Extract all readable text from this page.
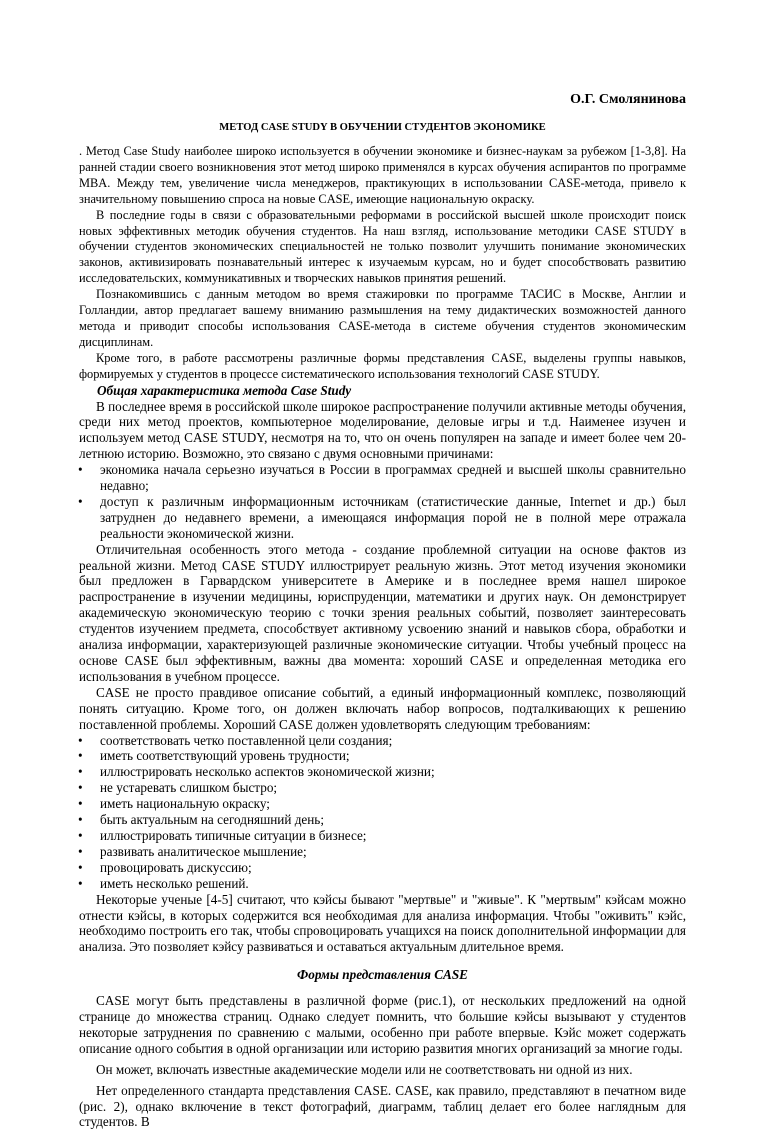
О.Г. Смолянинова

МЕТОД CASE STUDY В ОБУЧЕНИИ СТУДЕНТОВ ЭКОНОМИКЕ

. Метод Case Study наиболее широко используется в обучении экономике и бизнес-наукам за рубежом [1-3,8]. На ранней стадии своего возникновения этот метод широко применялся в курсах обучения аспирантов по программе MBA. Между тем, увеличение числа менеджеров, практикующих в использовании CASE-метода, привело к значительному повышению спроса на новые CASE, имеющие национальную окраску.

В последние годы в связи с образовательными реформами в российской высшей школе происходит поиск новых эффективных методик обучения студентов. На наш взгляд, использование методики CASE STUDY в обучении студентов экономических специальностей не только позволит улучшить понимание экономических законов, активизировать познавательный интерес к изучаемым курсам, но и будет способствовать развитию исследовательских, коммуникативных и творческих навыков принятия решений.

Познакомившись с данным методом во время стажировки по программе ТАСИС в Москве, Англии и Голландии, автор предлагает вашему вниманию размышления на тему дидактических возможностей данного метода и приводит способы использования CASE-метода в системе обучения студентов экономическим дисциплинам.

Кроме того, в работе рассмотрены различные формы представления CASE, выделены группы навыков, формируемых у студентов в процессе систематического использования технологий CASE STUDY.

Общая характеристика метода Case Study

В последнее время в российской школе широкое распространение получили активные методы обучения, среди них метод проектов, компьютерное моделирование, деловые игры и т.д. Наименее изучен и используем метод CASE STUDY, несмотря на то, что он очень популярен на западе и имеет более чем 20-летнюю историю. Возможно, это связано с двумя основными причинами:

• экономика начала серьезно изучаться в России в программах средней и высшей школы сравнительно недавно;
• доступ к различным информационным источникам (статистические данные, Internet и др.) был затруднен до недавнего времени, а имеющаяся информация порой не в полной мере отражала реальности экономической жизни.

Отличительная особенность этого метода - создание проблемной ситуации на основе фактов из реальной жизни. Метод CASE STUDY иллюстрирует реальную жизнь. Этот метод изучения экономики был предложен в Гарвардском университете в Америке и в последнее время нашел широкое распространение в изучении медицины, юриспруденции, математики и других наук. Он демонстрирует академическую экономическую теорию с точки зрения реальных событий, позволяет заинтересовать студентов изучением предмета, способствует активному усвоению знаний и навыков сбора, обработки и анализа информации, характеризующей различные экономические ситуации. Чтобы учебный процесс на основе CASE был эффективным, важны два момента: хороший CASE и определенная методика его использования в учебном процессе.

CASE не просто правдивое описание событий, а единый информационный комплекс, позволяющий понять ситуацию. Кроме того, он должен включать набор вопросов, подталкивающих к решению поставленной проблемы. Хороший CASE должен удовлетворять следующим требованиям:

• соответствовать четко поставленной цели создания;
• иметь соответствующий уровень трудности;
• иллюстрировать несколько аспектов экономической жизни;
• не устаревать слишком быстро;
• иметь национальную окраску;
• быть актуальным на сегодняшний день;
• иллюстрировать типичные ситуации в бизнесе;
• развивать аналитическое мышление;
• провоцировать дискуссию;
• иметь несколько решений.

Некоторые ученые [4-5] считают, что кэйсы бывают "мертвые" и "живые". К "мертвым" кэйсам можно отнести кэйсы, в которых содержится вся необходимая для анализа информация. Чтобы "оживить" кэйс, необходимо построить его так, чтобы спровоцировать учащихся на поиск дополнительной информации для анализа. Это позволяет кэйсу развиваться и оставаться актуальным длительное время.

Формы представления CASE

CASE могут быть представлены в различной форме (рис.1), от нескольких предложений на одной странице до множества страниц. Однако следует помнить, что большие кэйсы вызывают у студентов некоторые затруднения по сравнению с малыми, особенно при работе впервые. Кэйс может содержать описание одного события в одной организации или историю развития многих организаций за многие годы.

Он может, включать известные академические модели или не соответствовать ни одной из них.

Нет определенного стандарта представления CASE. CASE, как правило, представляют в печатном виде (рис. 2), однако включение в текст фотографий, диаграмм, таблиц делает его более наглядным для студентов. В
